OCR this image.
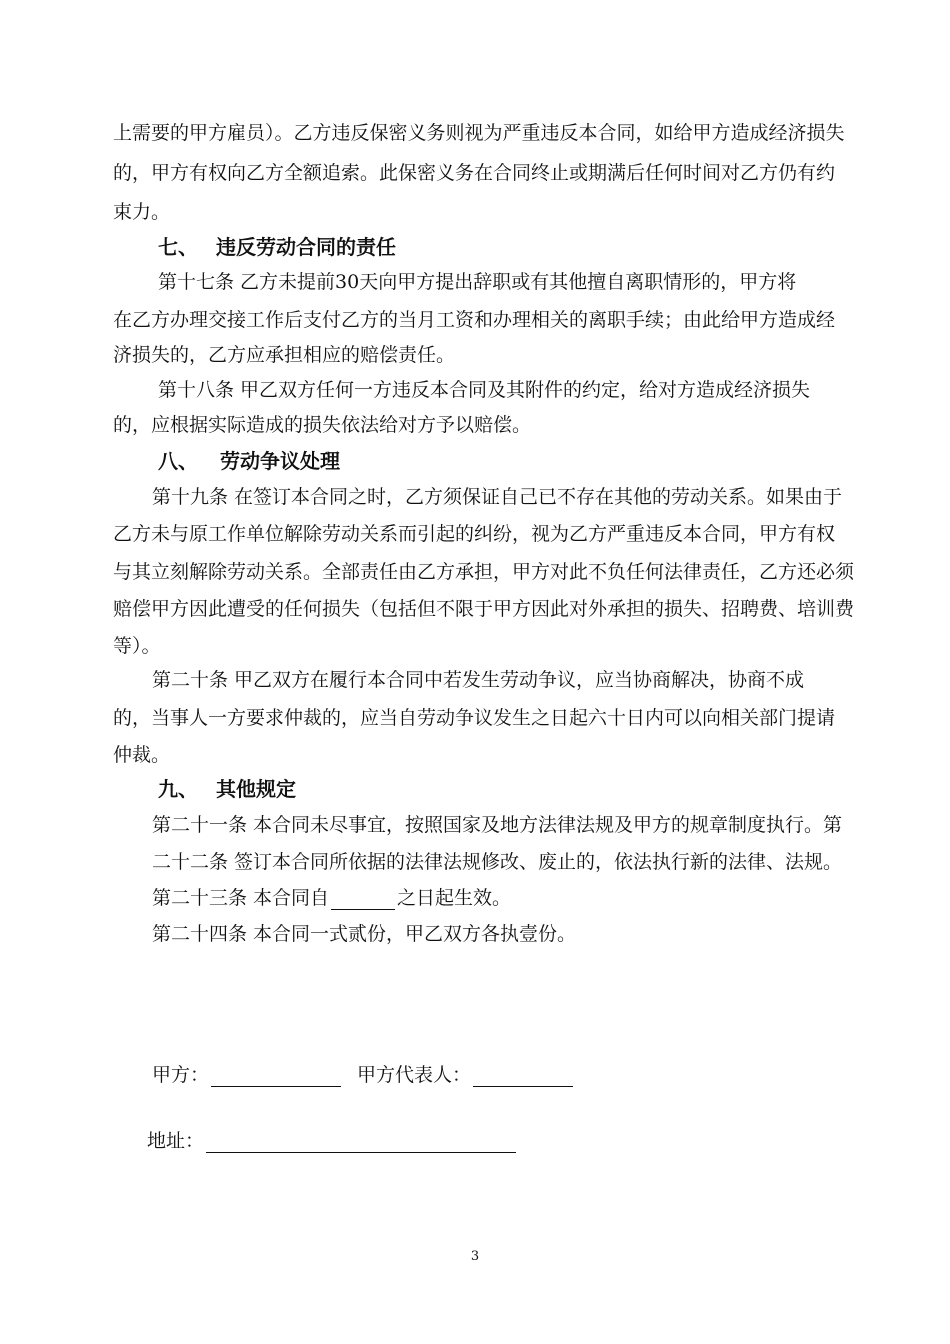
上需要的甲方雇员）。乙方违反保密义务则视为严重违反本合同，如给甲方造成经济损失
的，甲方有权向乙方全额追索。此保密义务在合同终止或期满后任何时间对乙方仍有约
束力。
七、 违反劳动合同的责任
第十七条 乙方未提前30天向甲方提出辞职或有其他擅自离职情形的，甲方将
在乙方办理交接工作后支付乙方的当月工资和办理相关的离职手续；由此给甲方造成经
济损失的，乙方应承担相应的赔偿责任。
第十八条 甲乙双方任何一方违反本合同及其附件的约定，给对方造成经济损失
的，应根据实际造成的损失依法给对方予以赔偿。
八、 劳动争议处理
第十九条 在签订本合同之时，乙方须保证自己已不存在其他的劳动关系。如果由于
乙方未与原工作单位解除劳动关系而引起的纠纷，视为乙方严重违反本合同，甲方有权
与其立刻解除劳动关系。全部责任由乙方承担，甲方对此不负任何法律责任，乙方还必须
赔偿甲方因此遭受的任何损失（包括但不限于甲方因此对外承担的损失、招聘费、培训费
等）。
第二十条 甲乙双方在履行本合同中若发生劳动争议，应当协商解决，协商不成
的，当事人一方要求仲裁的，应当自劳动争议发生之日起六十日内可以向相关部门提请
仲裁。
九、 其他规定
第二十一条 本合同未尽事宜，按照国家及地方法律法规及甲方的规章制度执行。第
二十二条 签订本合同所依据的法律法规修改、废止的，依法执行新的法律、法规。
第二十三条 本合同自	之日起生效。
第二十四条 本合同一式贰份，甲乙双方各执壹份。
甲方：	甲方代表人：
地址：
3
